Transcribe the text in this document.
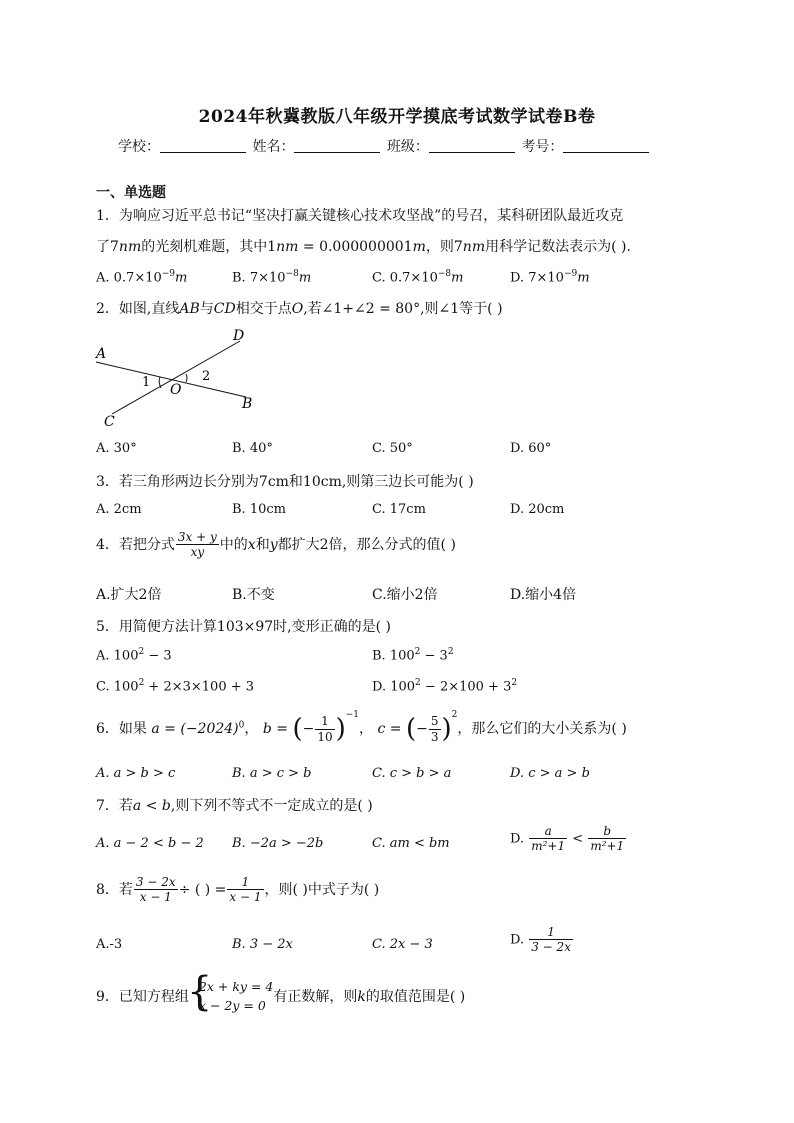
2024年秋冀教版八年级开学摸底考试数学试卷B卷
学校：	姓名：	班级：	考号：
一、单选题
1．为响应习近平总书记“坚决打赢关键核心技术攻坚战”的号召，某科研团队最近攻克
了7nm的光刻机难题，其中1nm = 0.000000001m，则7nm用科学记数法表示为( ).
A. $0.7\times 10^{-9}m$	B. $7\times 10^{-8}m$	C. $0.7\times 10^{-8}m$	D. $7\times 10^{-9}m$
2．如图,直线AB与CD相交于点O,若∠1+∠2 = 80°,则∠1等于( )
A
B
C
D
O
1	2
A. 30°	B. 40°	C. 50°	D. 60°
3．若三角形两边长分别为7cm和10cm,则第三边长可能为( )
A. 2cm	B. 10cm	C. 17cm	D. 20cm
4．若把分式 $\frac{3x + y}{xy}$ 中的x和y都扩大2倍，那么分式的值( )
A.扩大2倍	B.不变	C.缩小2倍	D.缩小4倍
5．用简便方法计算103×97时,变形正确的是( )
A. $100^2 - 3$	B. $100^2 - 3^2$
C. $100^2 + 2\times 3\times 100 + 3$	D. $100^2 - 2\times 100 + 3^2$
6．如果 $a = (-2024)^0$， b = (− $\frac{1}{10} )^{-1}$， c = (− $\frac{5}{3} )^2$，那么它们的大小关系为( )
A. a > b > c	B. a > c > b	C. c > b > a	D. c > a > b
7．若a < b,则下列不等式不一定成立的是( )
A. a − 2 < b − 2 B. −2a > −2b	C. am < bm	D. $\frac{a}{\text{m²+1}} < \frac{b}{\text{m²+1}}$
8．若 $\frac{3 - 2x}{x - 1}$ ÷ ( ) = $\frac{1}{x - 1}$ ，则( )中式子为( )
A.-3	B. 3 − 2x	C. 2x − 3	D. $\frac{1}{3 - 2x}$
9．已知方程组
{
2x + ky = 4
x − 2y = 0
有正数解，则k的取值范围是( )
